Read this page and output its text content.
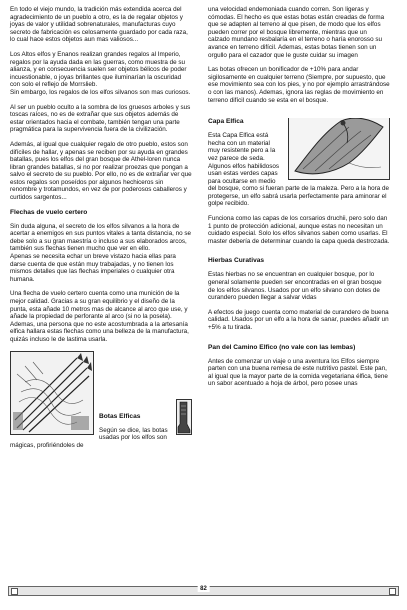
En todo el viejo mundo, la tradición más extendida acerca del agradecimiento de un pueblo a otro, es la de regalar objetos y joyas de valor y utilidad sobrenaturales, manufacturas cuyo secreto de fabricación es celosamente guardado por cada raza, lo cual hace estos objetos aun mas valiosos...

Los Altos elfos y Enanos realizan grandes regalos al Imperio, regalos por la ayuda dada en las guerras, como muestra de su alianza, y en consecuencia suelen ser objetos bélicos de poder incuestionable, o joyas brillantes que iluminarían la oscuridad con solo el reflejo de Morrslieb.

Sin embargo, los regalos de los elfos silvanos son mas curiosos.

Al ser un pueblo oculto a la sombra de los gruesos arboles y sus toscas raíces, no es de extrañar que sus objetos además de estar orientados hacia el combate, también tengan una parte pragmática para la supervivencia fuera de la civilización.

Además, al igual que cualquier regalo de otro pueblo, estos son difíciles de hallar, y apenas se reciben por su ayuda en grandes batallas, pues los elfos del gran bosque de Athel-loren nunca libran grandes batallas, si no por realizar proezas que pongan a salvo el secreto de su pueblo. Por ello, no es de extrañar ver que estos regalos son poseídos por algunos hechiceros sin renombre y trotamundos, en vez de por poderosos caballeros y curtidos sargentos...

Flechas de vuelo certero

Sin duda alguna, el secreto de los elfos silvanos a la hora de acertar a enemigos en sus puntos vitales a tanta distancia, no se debe solo a su gran maestría o incluso a sus elaborados arcos, también sus flechas tienen mucho que ver en ello.

Apenas se necesita echar un breve vistazo hacia ellas para darse cuenta de que están muy trabajadas, y no tienen los mismos detalles que las flechas imperiales o cualquier otra humana.

Una flecha de vuelo certero cuenta como una munición de la mejor calidad. Gracias a su gran equilibrio y el diseño de la punta, esta añade 10 metros mas de alcance al arco que use, y añade la propiedad de perforante al arco (si no la posela). Ademas, una persona que no este acostumbrada a la artesanía elfica hallara estas flechas como una belleza de la manufactura, quizás incluso le de lastima usarla.

Botas Elficas

Según se dice, las botas usadas por los elfos son mágicas, profiriéndoles de

una velocidad endemoniada cuando corren. Son ligeras y cómodas. El hecho es que estas botas están creadas de forma que se adapten al terreno al que pisen, de modo que los elfos pueden correr por el bosque libremente, mientras que un calzado mundano resbalaría en el terreno o haría enorosso su avance en terreno difícil. Ademas, estas botas tienen son un orgullo para el cazador que le guste cuidar su imagen

Las botas ofrecen un bonificador de +10% para andar sigilosamente en cualquier terreno (Siempre, por supuesto, que ese movimiento sea con los pies, y no por ejemplo arrastrándose o con las manos). Ademas, ignora las reglas de movimiento en terreno difícil cuando se esta en el bosque.

Capa Elfica

Esta Capa Elfica está hecha con un material muy resistente pero a la vez parece de seda. Algunos elfos habilidosos usan estas verdes capas para ocultarse en medio del bosque, como si fueran parte de la maleza. Pero a la hora de protegerse, un elfo sabrá usarla perfectamente para aminorar el golpe recibido.

Funciona como las capas de los corsarios druchii, pero solo dan 1 punto de protección adicional, aunque estas no necesitan un cuidado especial. Solo los elfos silvanos saben como usarlas. El master debería de determinar cuando la capa queda destrozada.

Hierbas Curativas

Estas hierbas no se encuentran en cualquier bosque, por lo general solamente pueden ser encontradas en el gran bosque de los elfos silvanos. Usados por un elfo silvano con dotes de curandero pueden llegar a salvar vidas

A efectos de juego cuenta como material de curandero de buena calidad. Usados por un elfo a la hora de sanar, puedes añadir un +5% a tu tirada.

Pan del Camino Elfico (no vale con las lembas)

Antes de comenzar un viaje o una aventura los Elfos siempre parten con una buena remesa de este nutritivo pastel. Este pan, al igual que la mayor parte de la comida vegetariana élfica, tiene un sabor acentuado a hoja de árbol, pero posee unas

82
